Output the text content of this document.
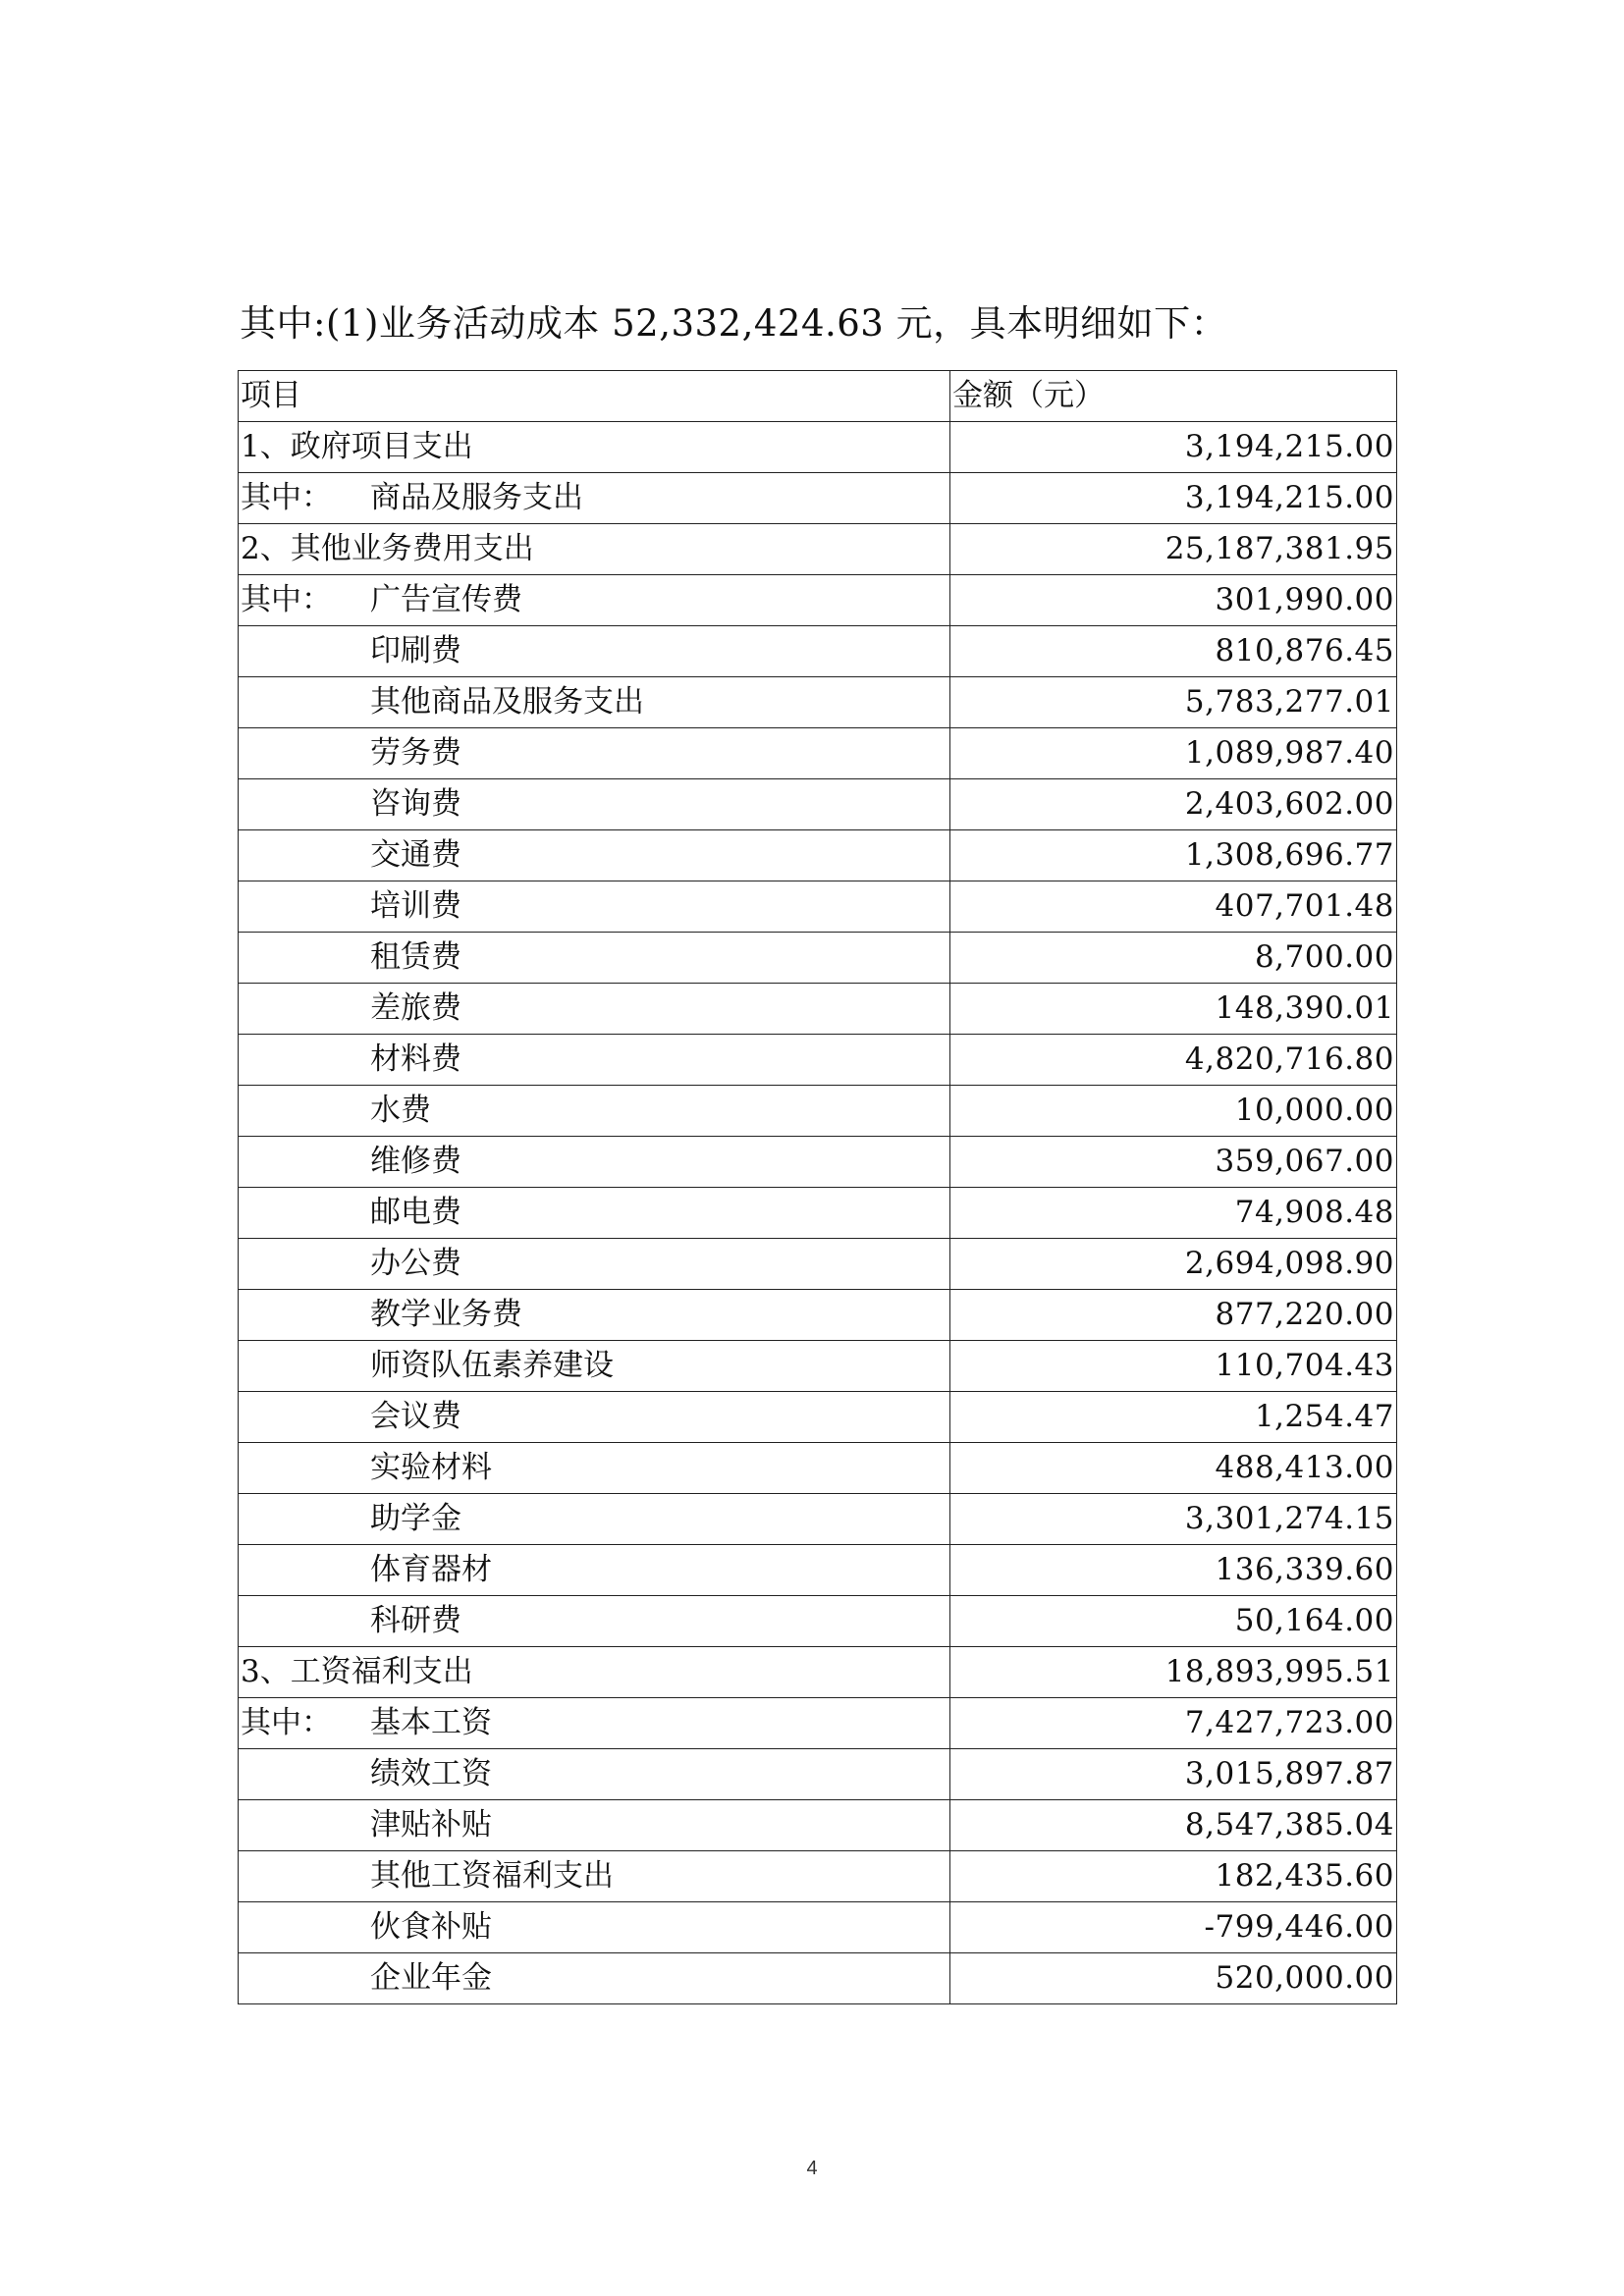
其中:(1)业务活动成本 52,332,424.63 元，具本明细如下：
项目	金额（元）
1、政府项目支出	3,194,215.00
其中： 商品及服务支出	3,194,215.00
2、其他业务费用支出	25,187,381.95
其中： 广告宣传费	301,990.00
印刷费	810,876.45
其他商品及服务支出	5,783,277.01
劳务费	1,089,987.40
咨询费	2,403,602.00
交通费	1,308,696.77
培训费	407,701.48
租赁费	8,700.00
差旅费	148,390.01
材料费	4,820,716.80
水费	10,000.00
维修费	359,067.00
邮电费	74,908.48
办公费	2,694,098.90
教学业务费	877,220.00
师资队伍素养建设	110,704.43
会议费	1,254.47
实验材料	488,413.00
助学金	3,301,274.15
体育器材	136,339.60
科研费	50,164.00
3、工资福利支出	18,893,995.51
其中： 基本工资	7,427,723.00
绩效工资	3,015,897.87
津贴补贴	8,547,385.04
其他工资福利支出	182,435.60
伙食补贴	-799,446.00
企业年金	520,000.00
4
